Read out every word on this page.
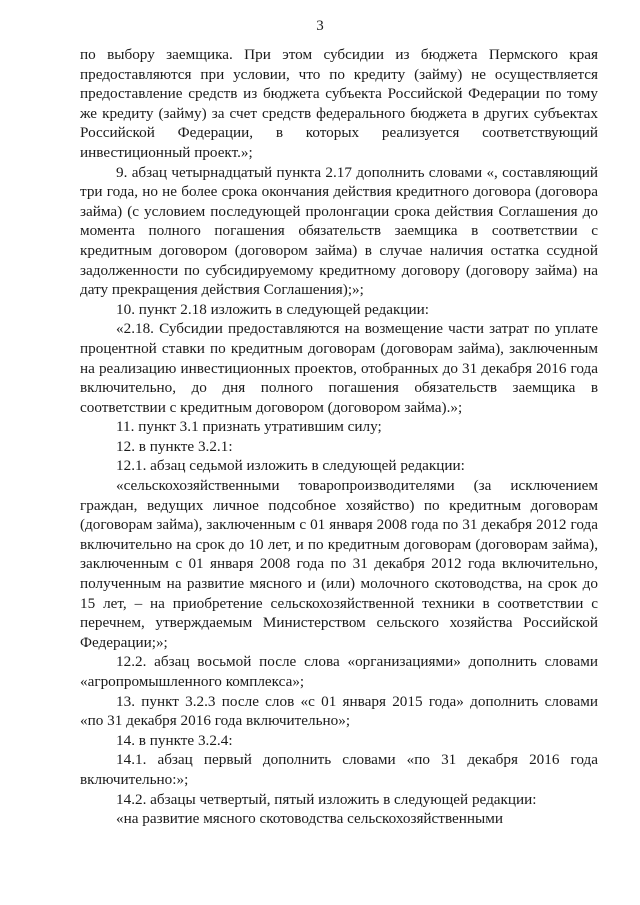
3

по выбору заемщика. При этом субсидии из бюджета Пермского края предоставляются при условии, что по кредиту (займу) не осуществляется предоставление средств из бюджета субъекта Российской Федерации по тому же кредиту (займу) за счет средств федерального бюджета в других субъектах Российской Федерации, в которых реализуется соответствующий инвестиционный проект.»;

9. абзац четырнадцатый пункта 2.17 дополнить словами «, составляющий три года, но не более срока окончания действия кредитного договора (договора займа) (с условием последующей пролонгации срока действия Соглашения до момента полного погашения обязательств заемщика в соответствии с кредитным договором (договором займа) в случае наличия остатка ссудной задолженности по субсидируемому кредитному договору (договору займа) на дату прекращения действия Соглашения);»;

10. пункт 2.18 изложить в следующей редакции:

«2.18. Субсидии предоставляются на возмещение части затрат по уплате процентной ставки по кредитным договорам (договорам займа), заключенным на реализацию инвестиционных проектов, отобранных до 31 декабря 2016 года включительно, до дня полного погашения обязательств заемщика в соответствии с кредитным договором (договором займа).»;

11. пункт 3.1 признать утратившим силу;

12. в пункте 3.2.1:

12.1. абзац седьмой изложить в следующей редакции:

«сельскохозяйственными товаропроизводителями (за исключением граждан, ведущих личное подсобное хозяйство) по кредитным договорам (договорам займа), заключенным с 01 января 2008 года по 31 декабря 2012 года включительно на срок до 10 лет, и по кредитным договорам (договорам займа), заключенным с 01 января 2008 года по 31 декабря 2012 года включительно, полученным на развитие мясного и (или) молочного скотоводства, на срок до 15 лет, – на приобретение сельскохозяйственной техники в соответствии с перечнем, утверждаемым Министерством сельского хозяйства Российской Федерации;»;

12.2. абзац восьмой после слова «организациями» дополнить словами «агропромышленного комплекса»;

13. пункт 3.2.3 после слов «с 01 января 2015 года» дополнить словами «по 31 декабря 2016 года включительно»;

14. в пункте 3.2.4:

14.1. абзац первый дополнить словами «по 31 декабря 2016 года включительно:»;

14.2. абзацы четвертый, пятый изложить в следующей редакции:

«на развитие мясного скотоводства сельскохозяйственными
